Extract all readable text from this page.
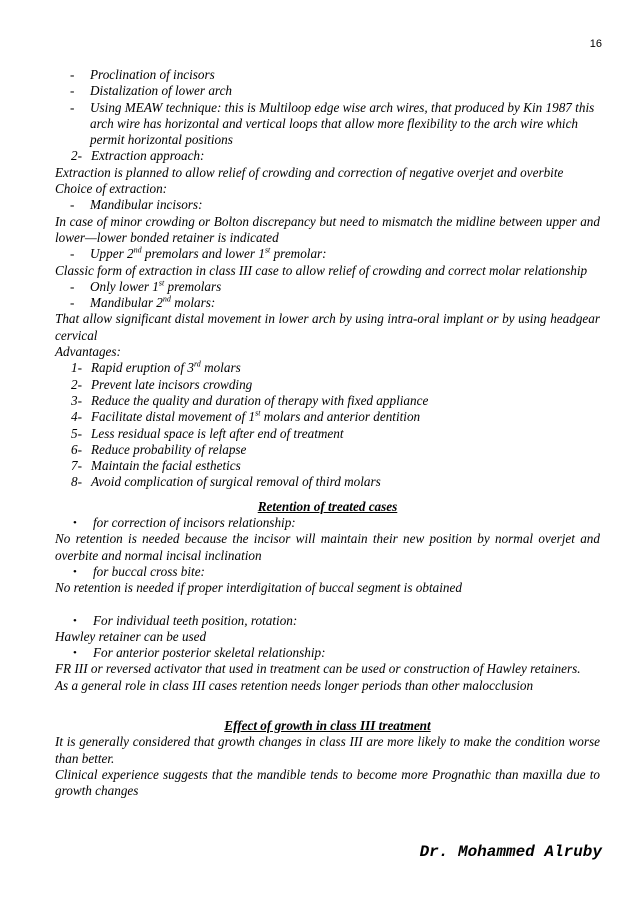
16
-	Proclination of incisors
-	Distalization of lower arch
-	Using MEAW technique: this is Multiloop edge wise arch wires, that produced by Kin 1987 this arch wire has horizontal and vertical loops that allow more flexibility to the arch wire which permit horizontal positions
2- Extraction approach:

Extraction is planned to allow relief of crowding and correction of negative overjet and overbite

Choice of extraction:

-	Mandibular incisors:

In case of minor crowding or Bolton discrepancy but need to mismatch the midline between upper and lower—lower bonded retainer is indicated

-	Upper 2nd premolars and lower 1st premolar:

Classic form of extraction in class III case to allow relief of crowding and correct molar relationship

-	Only lower 1st premolars
-	Mandibular 2nd molars:

That allow significant distal movement in lower arch by using intra-oral implant or by using headgear cervical

Advantages:

1- Rapid eruption of 3rd molars
2- Prevent late incisors crowding
3- Reduce the quality and duration of therapy with fixed appliance
4- Facilitate distal movement of 1st molars and anterior dentition
5- Less residual space is left after end of treatment
6- Reduce probability of relapse
7- Maintain the facial esthetics
8- Avoid complication of surgical removal of third molars

Retention of treated cases

•	for correction of incisors relationship:

No retention is needed because the incisor will maintain their new position by normal overjet and overbite and normal incisal inclination

•	for buccal cross bite:

No retention is needed if proper interdigitation of buccal segment is obtained

•	For individual teeth position, rotation:

Hawley retainer can be used

•	For anterior posterior skeletal relationship:

FR III or reversed activator that used in treatment can be used or construction of Hawley retainers.

As a general role in class III cases retention needs longer periods than other malocclusion

Effect of growth in class III treatment

It is generally considered that growth changes in class III are more likely to make the condition worse than better.

Clinical experience suggests that the mandible tends to become more Prognathic than maxilla due to growth changes

Dr. Mohammed Alruby
